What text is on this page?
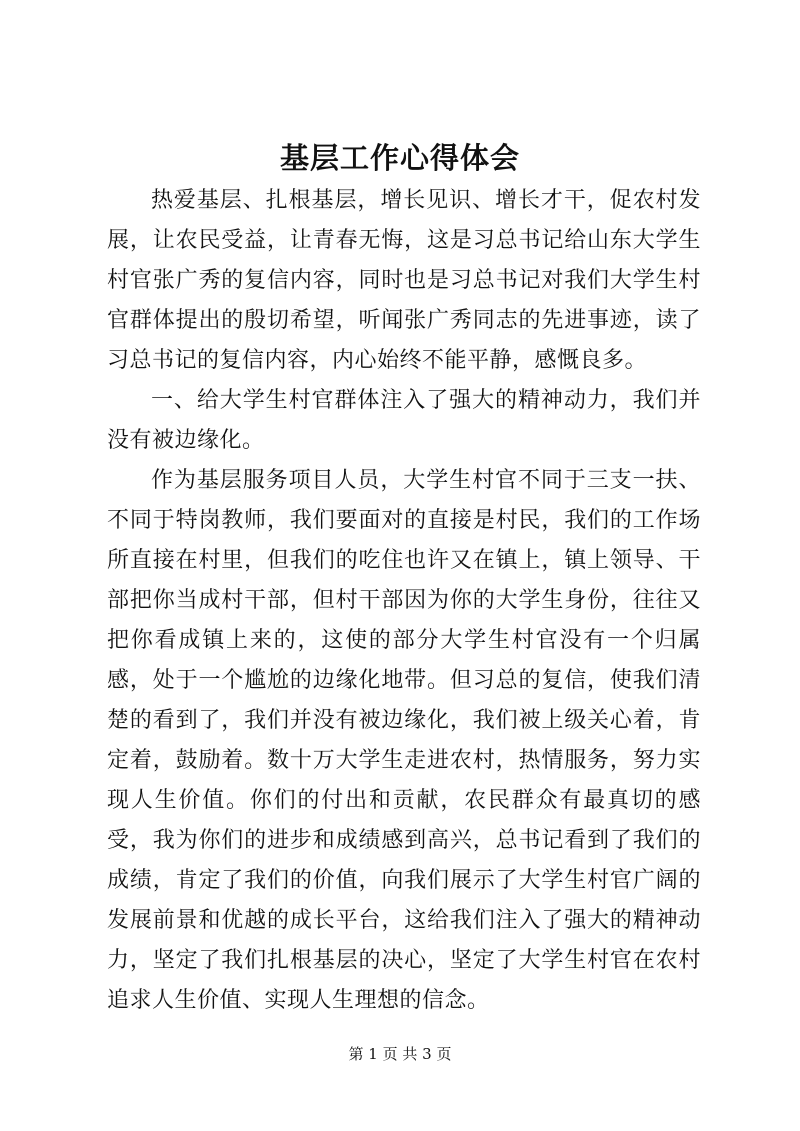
基层工作心得体会

热爱基层、扎根基层，增长见识、增长才干，促农村发展，让农民受益，让青春无悔，这是习总书记给山东大学生村官张广秀的复信内容，同时也是习总书记对我们大学生村官群体提出的殷切希望，听闻张广秀同志的先进事迹，读了习总书记的复信内容，内心始终不能平静，感慨良多。

一、给大学生村官群体注入了强大的精神动力，我们并没有被边缘化。

作为基层服务项目人员，大学生村官不同于三支一扶、不同于特岗教师，我们要面对的直接是村民，我们的工作场所直接在村里，但我们的吃住也许又在镇上，镇上领导、干部把你当成村干部，但村干部因为你的大学生身份，往往又把你看成镇上来的，这使的部分大学生村官没有一个归属感，处于一个尴尬的边缘化地带。但习总的复信，使我们清楚的看到了，我们并没有被边缘化，我们被上级关心着，肯定着，鼓励着。数十万大学生走进农村，热情服务，努力实现人生价值。你们的付出和贡献，农民群众有最真切的感受，我为你们的进步和成绩感到高兴，总书记看到了我们的成绩，肯定了我们的价值，向我们展示了大学生村官广阔的发展前景和优越的成长平台，这给我们注入了强大的精神动力，坚定了我们扎根基层的决心，坚定了大学生村官在农村追求人生价值、实现人生理想的信念。

第 1 页 共 3 页
